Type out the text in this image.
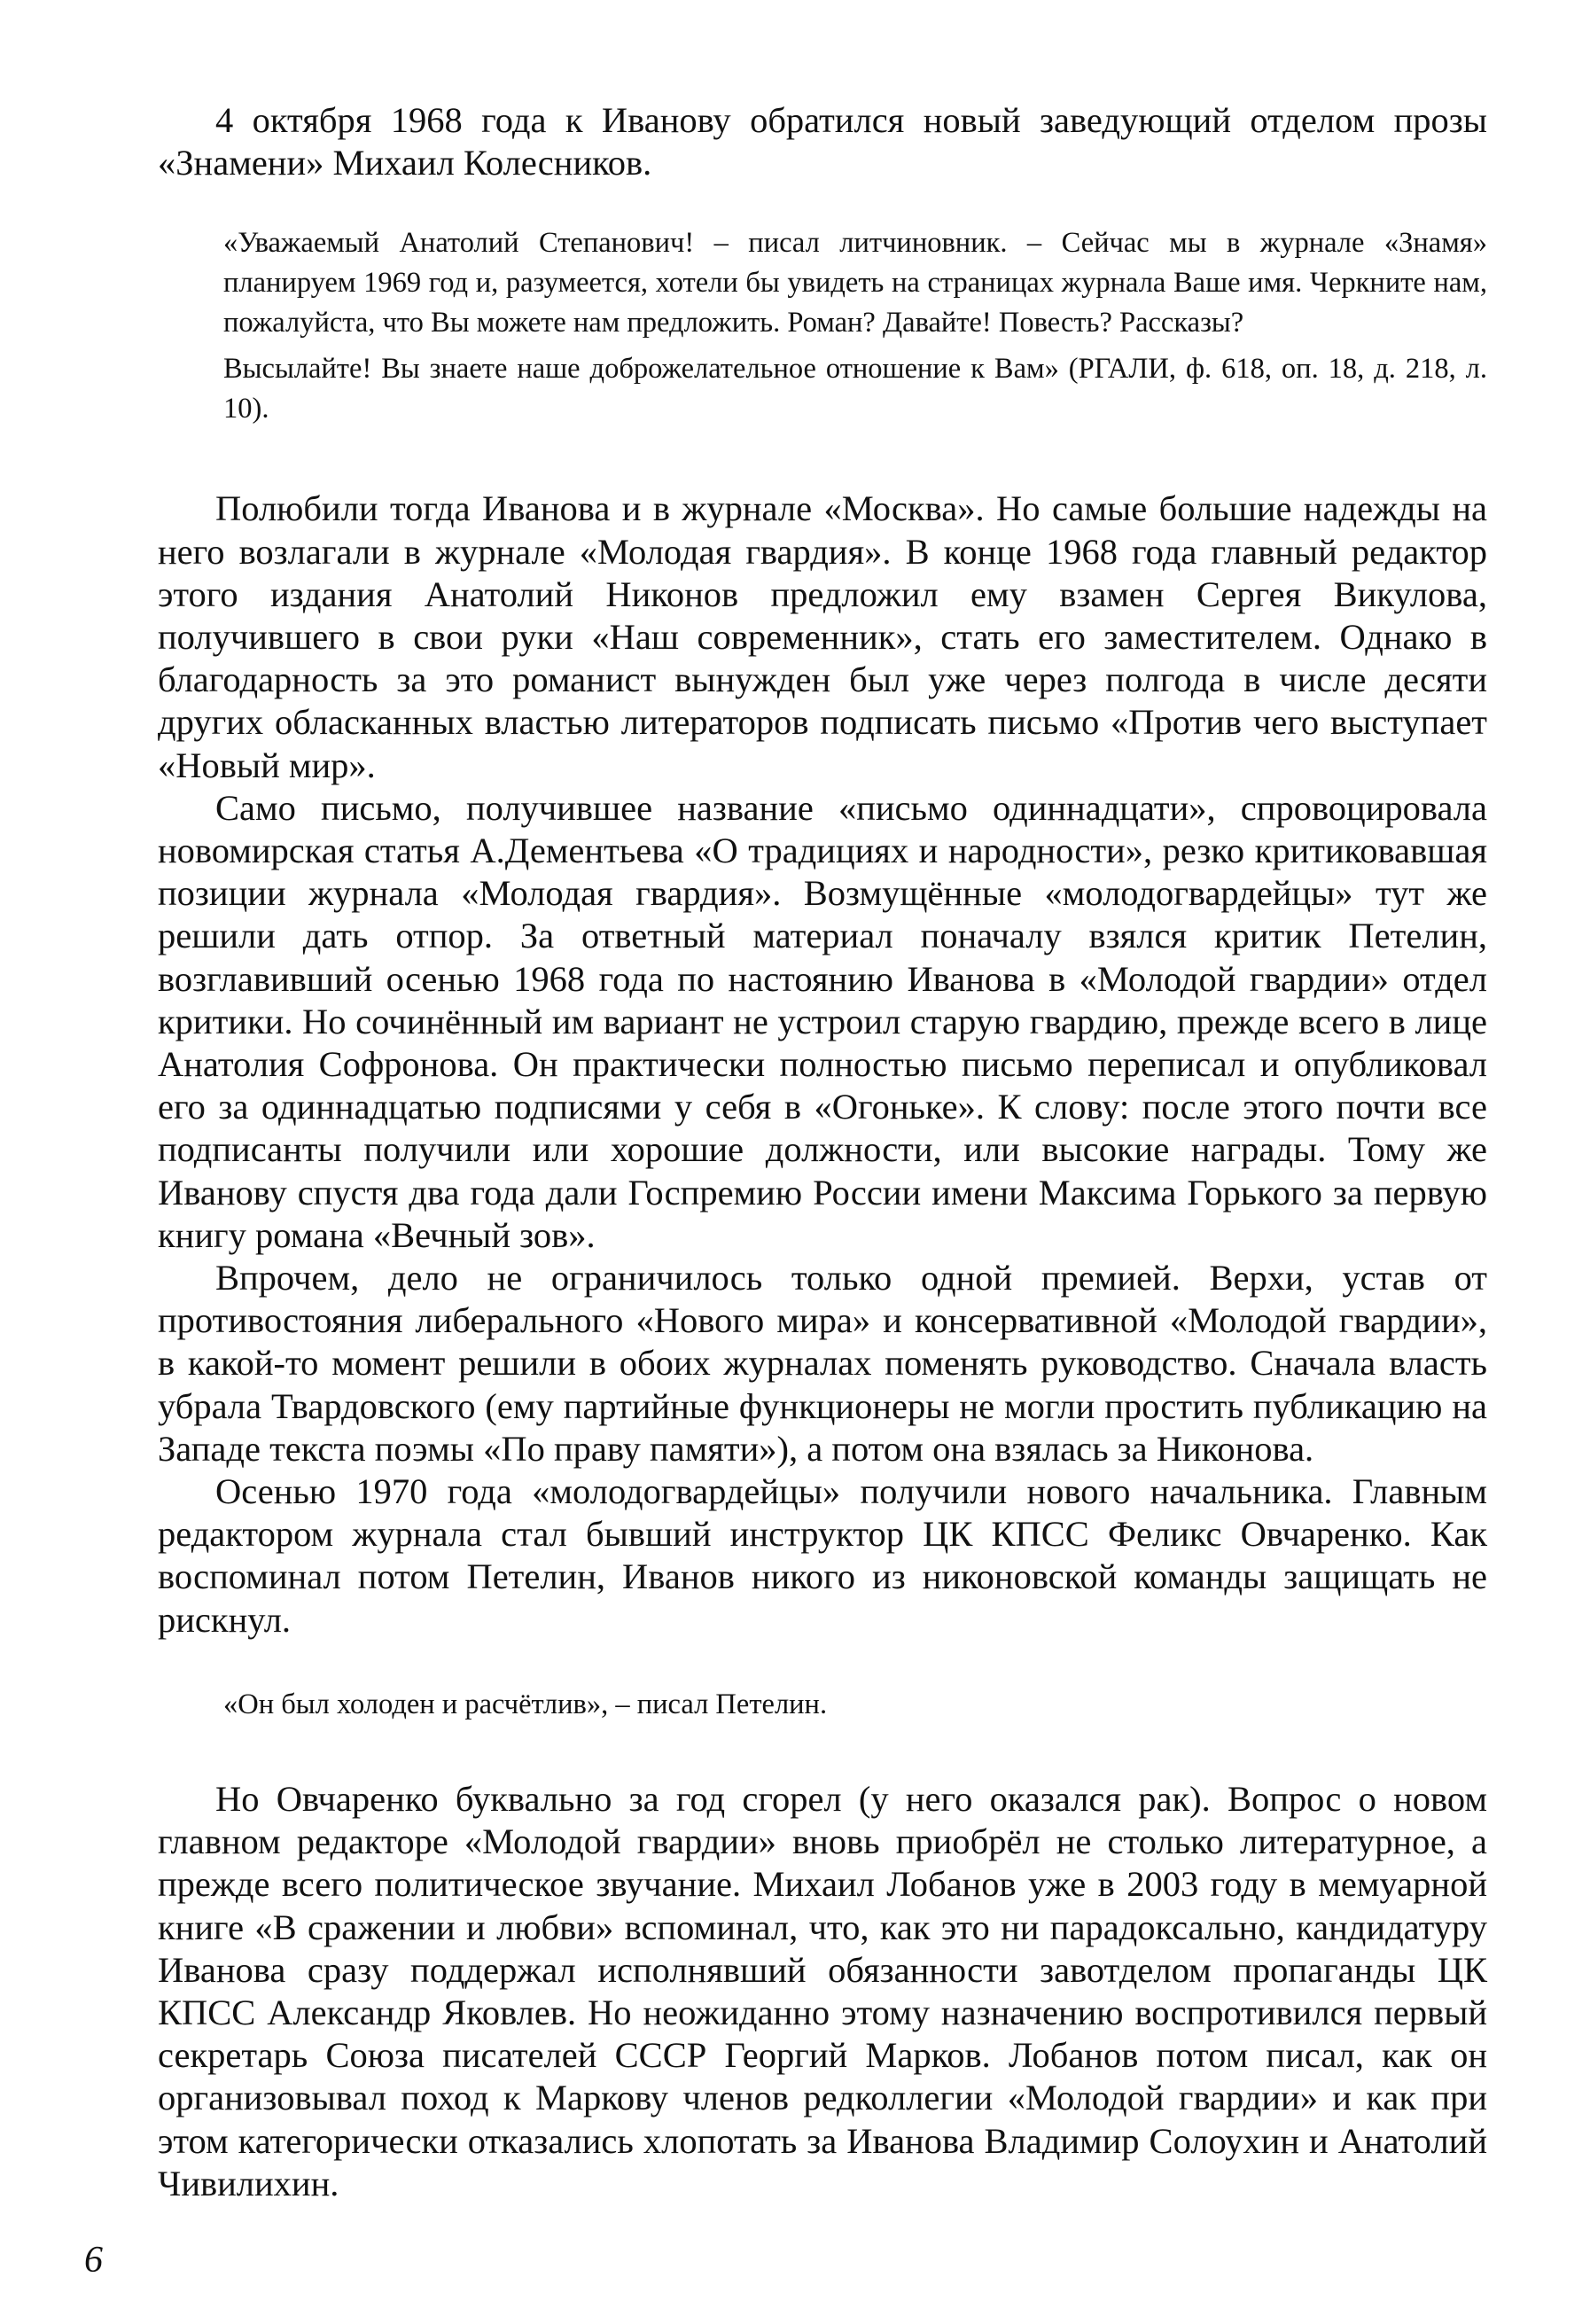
4 октября 1968 года к Иванову обратился новый заведующий отделом прозы «Знамени» Михаил Колесников.

«Уважаемый Анатолий Степанович! – писал литчиновник. – Сейчас мы в журнале «Знамя» планируем 1969 год и, разумеется, хотели бы увидеть на страницах журнала Ваше имя. Черкните нам, пожалуйста, что Вы можете нам предложить. Роман? Давайте! Повесть? Рассказы?

Высылайте! Вы знаете наше доброжелательное отношение к Вам» (РГАЛИ, ф. 618, оп. 18, д. 218, л. 10).

Полюбили тогда Иванова и в журнале «Москва». Но самые большие надежды на него возлагали в журнале «Молодая гвардия». В конце 1968 года главный редактор этого издания Анатолий Никонов предложил ему взамен Сергея Викулова, получившего в свои руки «Наш современник», стать его заместителем. Однако в благодарность за это романист вынужден был уже через полгода в числе десяти других обласканных властью литераторов подписать письмо «Против чего выступает «Новый мир».

Само письмо, получившее название «письмо одиннадцати», спровоцировала новомирская статья А.Дементьева «О традициях и народности», резко критиковавшая позиции журнала «Молодая гвардия». Возмущённые «молодогвардейцы» тут же решили дать отпор. За ответный материал поначалу взялся критик Петелин, возглавивший осенью 1968 года по настоянию Иванова в «Молодой гвардии» отдел критики. Но сочинённый им вариант не устроил старую гвардию, прежде всего в лице Анатолия Софронова. Он практически полностью письмо переписал и опубликовал его за одиннадцатью подписями у себя в «Огоньке». К слову: после этого почти все подписанты получили или хорошие должности, или высокие награды. Тому же Иванову спустя два года дали Госпремию России имени Максима Горького за первую книгу романа «Вечный зов».

Впрочем, дело не ограничилось только одной премией. Верхи, устав от противостояния либерального «Нового мира» и консервативной «Молодой гвардии», в какой-то момент решили в обоих журналах поменять руководство. Сначала власть убрала Твардовского (ему партийные функционеры не могли простить публикацию на Западе текста поэмы «По праву памяти»), а потом она взялась за Никонова.

Осенью 1970 года «молодогвардейцы» получили нового начальника. Главным редактором журнала стал бывший инструктор ЦК КПСС Феликс Овчаренко. Как воспоминал потом Петелин, Иванов никого из никоновской команды защищать не рискнул.

«Он был холоден и расчётлив», – писал Петелин.

Но Овчаренко буквально за год сгорел (у него оказался рак). Вопрос о новом главном редакторе «Молодой гвардии» вновь приобрёл не столько литературное, а прежде всего политическое звучание. Михаил Лобанов уже в 2003 году в мемуарной книге «В сражении и любви» вспоминал, что, как это ни парадоксально, кандидатуру Иванова сразу поддержал исполнявший обязанности завотделом пропаганды ЦК КПСС Александр Яковлев. Но неожиданно этому назначению воспротивился первый секретарь Союза писателей СССР Георгий Марков. Лобанов потом писал, как он организовывал поход к Маркову членов редколлегии «Молодой гвардии» и как при этом категорически отказались хлопотать за Иванова Владимир Солоухин и Анатолий Чивилихин.

6
